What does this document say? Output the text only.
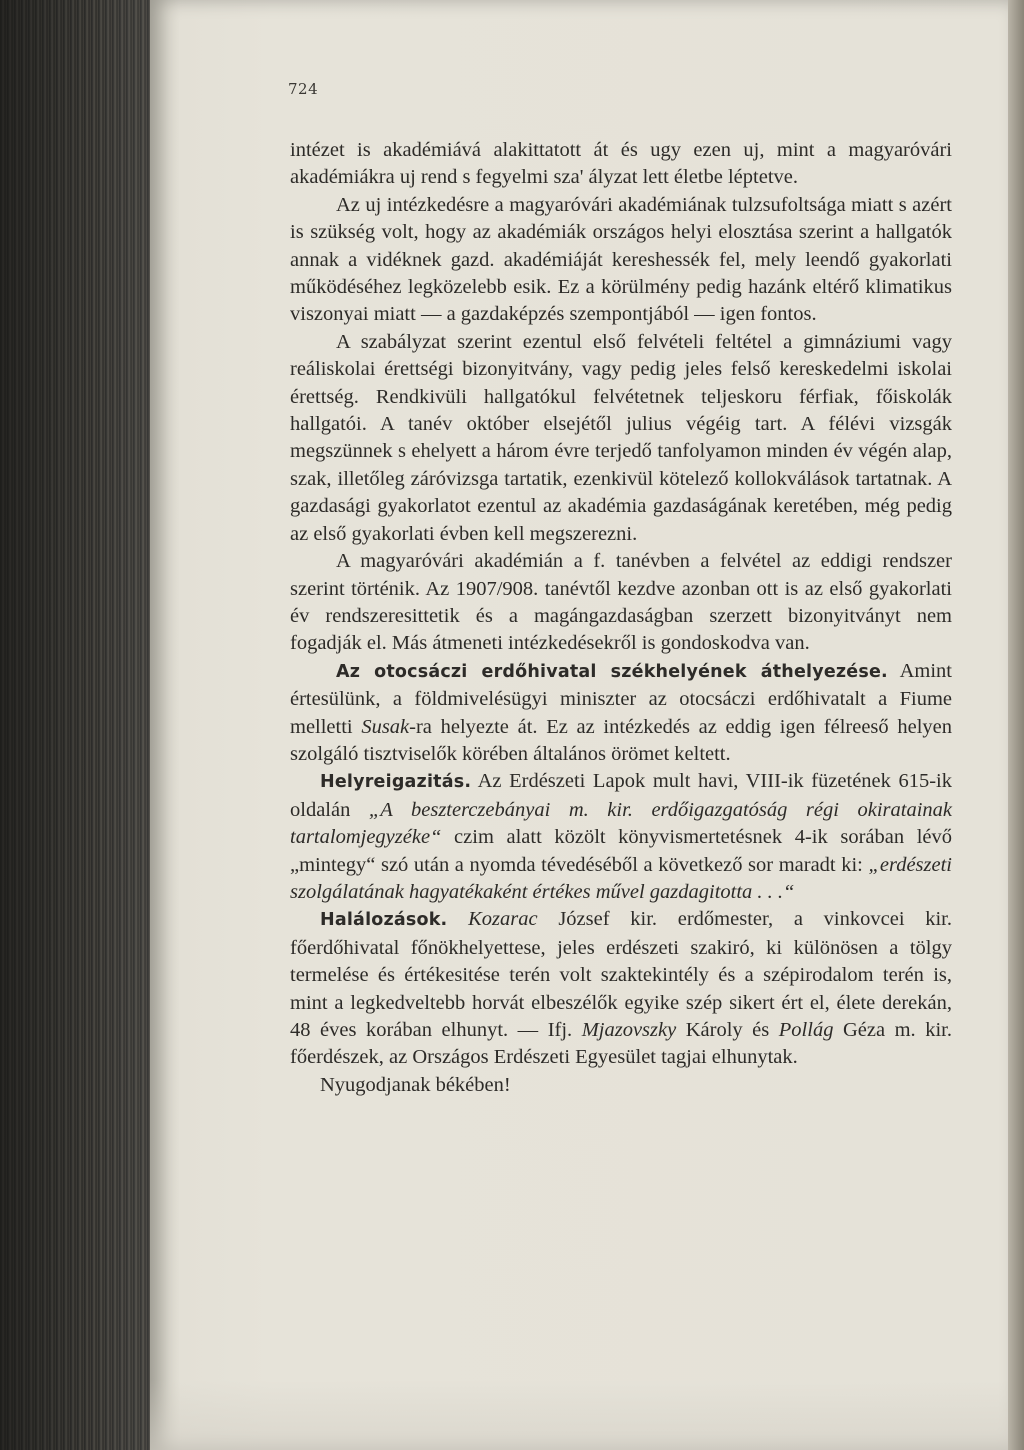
724

intézet is akadémiává alakittatott át és ugy ezen uj, mint a magyaróvári akadémiákra uj rend s fegyelmi sza' ályzat lett életbe léptetve.

Az uj intézkedésre a magyaróvári akadémiának tulzsufoltsága miatt s azért is szükség volt, hogy az akadémiák országos helyi elosztása szerint a hallgatók annak a vidéknek gazd. akadémiáját kereshessék fel, mely leendő gyakorlati működéséhez legközelebb esik. Ez a körülmény pedig hazánk eltérő klimatikus viszonyai miatt — a gazdaképzés szempontjából — igen fontos.

A szabályzat szerint ezentul első felvételi feltétel a gimnáziumi vagy reáliskolai érettségi bizonyitvány, vagy pedig jeles felső kereskedelmi iskolai érettség. Rendkivüli hallgatókul felvétetnek teljeskoru férfiak, főiskolák hallgatói. A tanév október elsejétől julius végéig tart. A félévi vizsgák megszünnek s ehelyett a három évre terjedő tanfolyamon minden év végén alap, szak, illetőleg záróvizsga tartatik, ezenkivül kötelező kollokválások tartatnak. A gazdasági gyakorlatot ezentul az akadémia gazdaságának keretében, még pedig az első gyakorlati évben kell megszerezni.

A magyaróvári akadémián a f. tanévben a felvétel az eddigi rendszer szerint történik. Az 1907/908. tanévtől kezdve azonban ott is az első gyakorlati év rendszeresittetik és a magángazdaságban szerzett bizonyitványt nem fogadják el. Más átmeneti intézkedésekről is gondoskodva van.

Az otocsáczi erdőhivatal székhelyének áthelyezése. Amint értesülünk, a földmivelésügyi miniszter az otocsáczi erdőhivatalt a Fiume melletti Susak-ra helyezte át. Ez az intézkedés az eddig igen félreeső helyen szolgáló tisztviselők körében általános örömet keltett.

Helyreigazitás. Az Erdészeti Lapok mult havi, VIII-ik füzetének 615-ik oldalán „A beszterczebányai m. kir. erdőigazgatóság régi okiratainak tartalomjegyzéke“ czim alatt közölt könyvismertetésnek 4-ik sorában lévő „mintegy“ szó után a nyomda tévedéséből a következő sor maradt ki: „erdészeti szolgálatának hagyatékaként értékes művel gazdagitotta . . .“

Halálozások. Kozarac József kir. erdőmester, a vinkovcei kir. főerdőhivatal főnökhelyettese, jeles erdészeti szakiró, ki különösen a tölgy termelése és értékesitése terén volt szaktekintély és a szépirodalom terén is, mint a legkedveltebb horvát elbeszélők egyike szép sikert ért el, élete derekán, 48 éves korában elhunyt. — Ifj. Mjazovszky Károly és Pollág Géza m. kir. főerdészek, az Országos Erdészeti Egyesület tagjai elhunytak.

Nyugodjanak békében!
